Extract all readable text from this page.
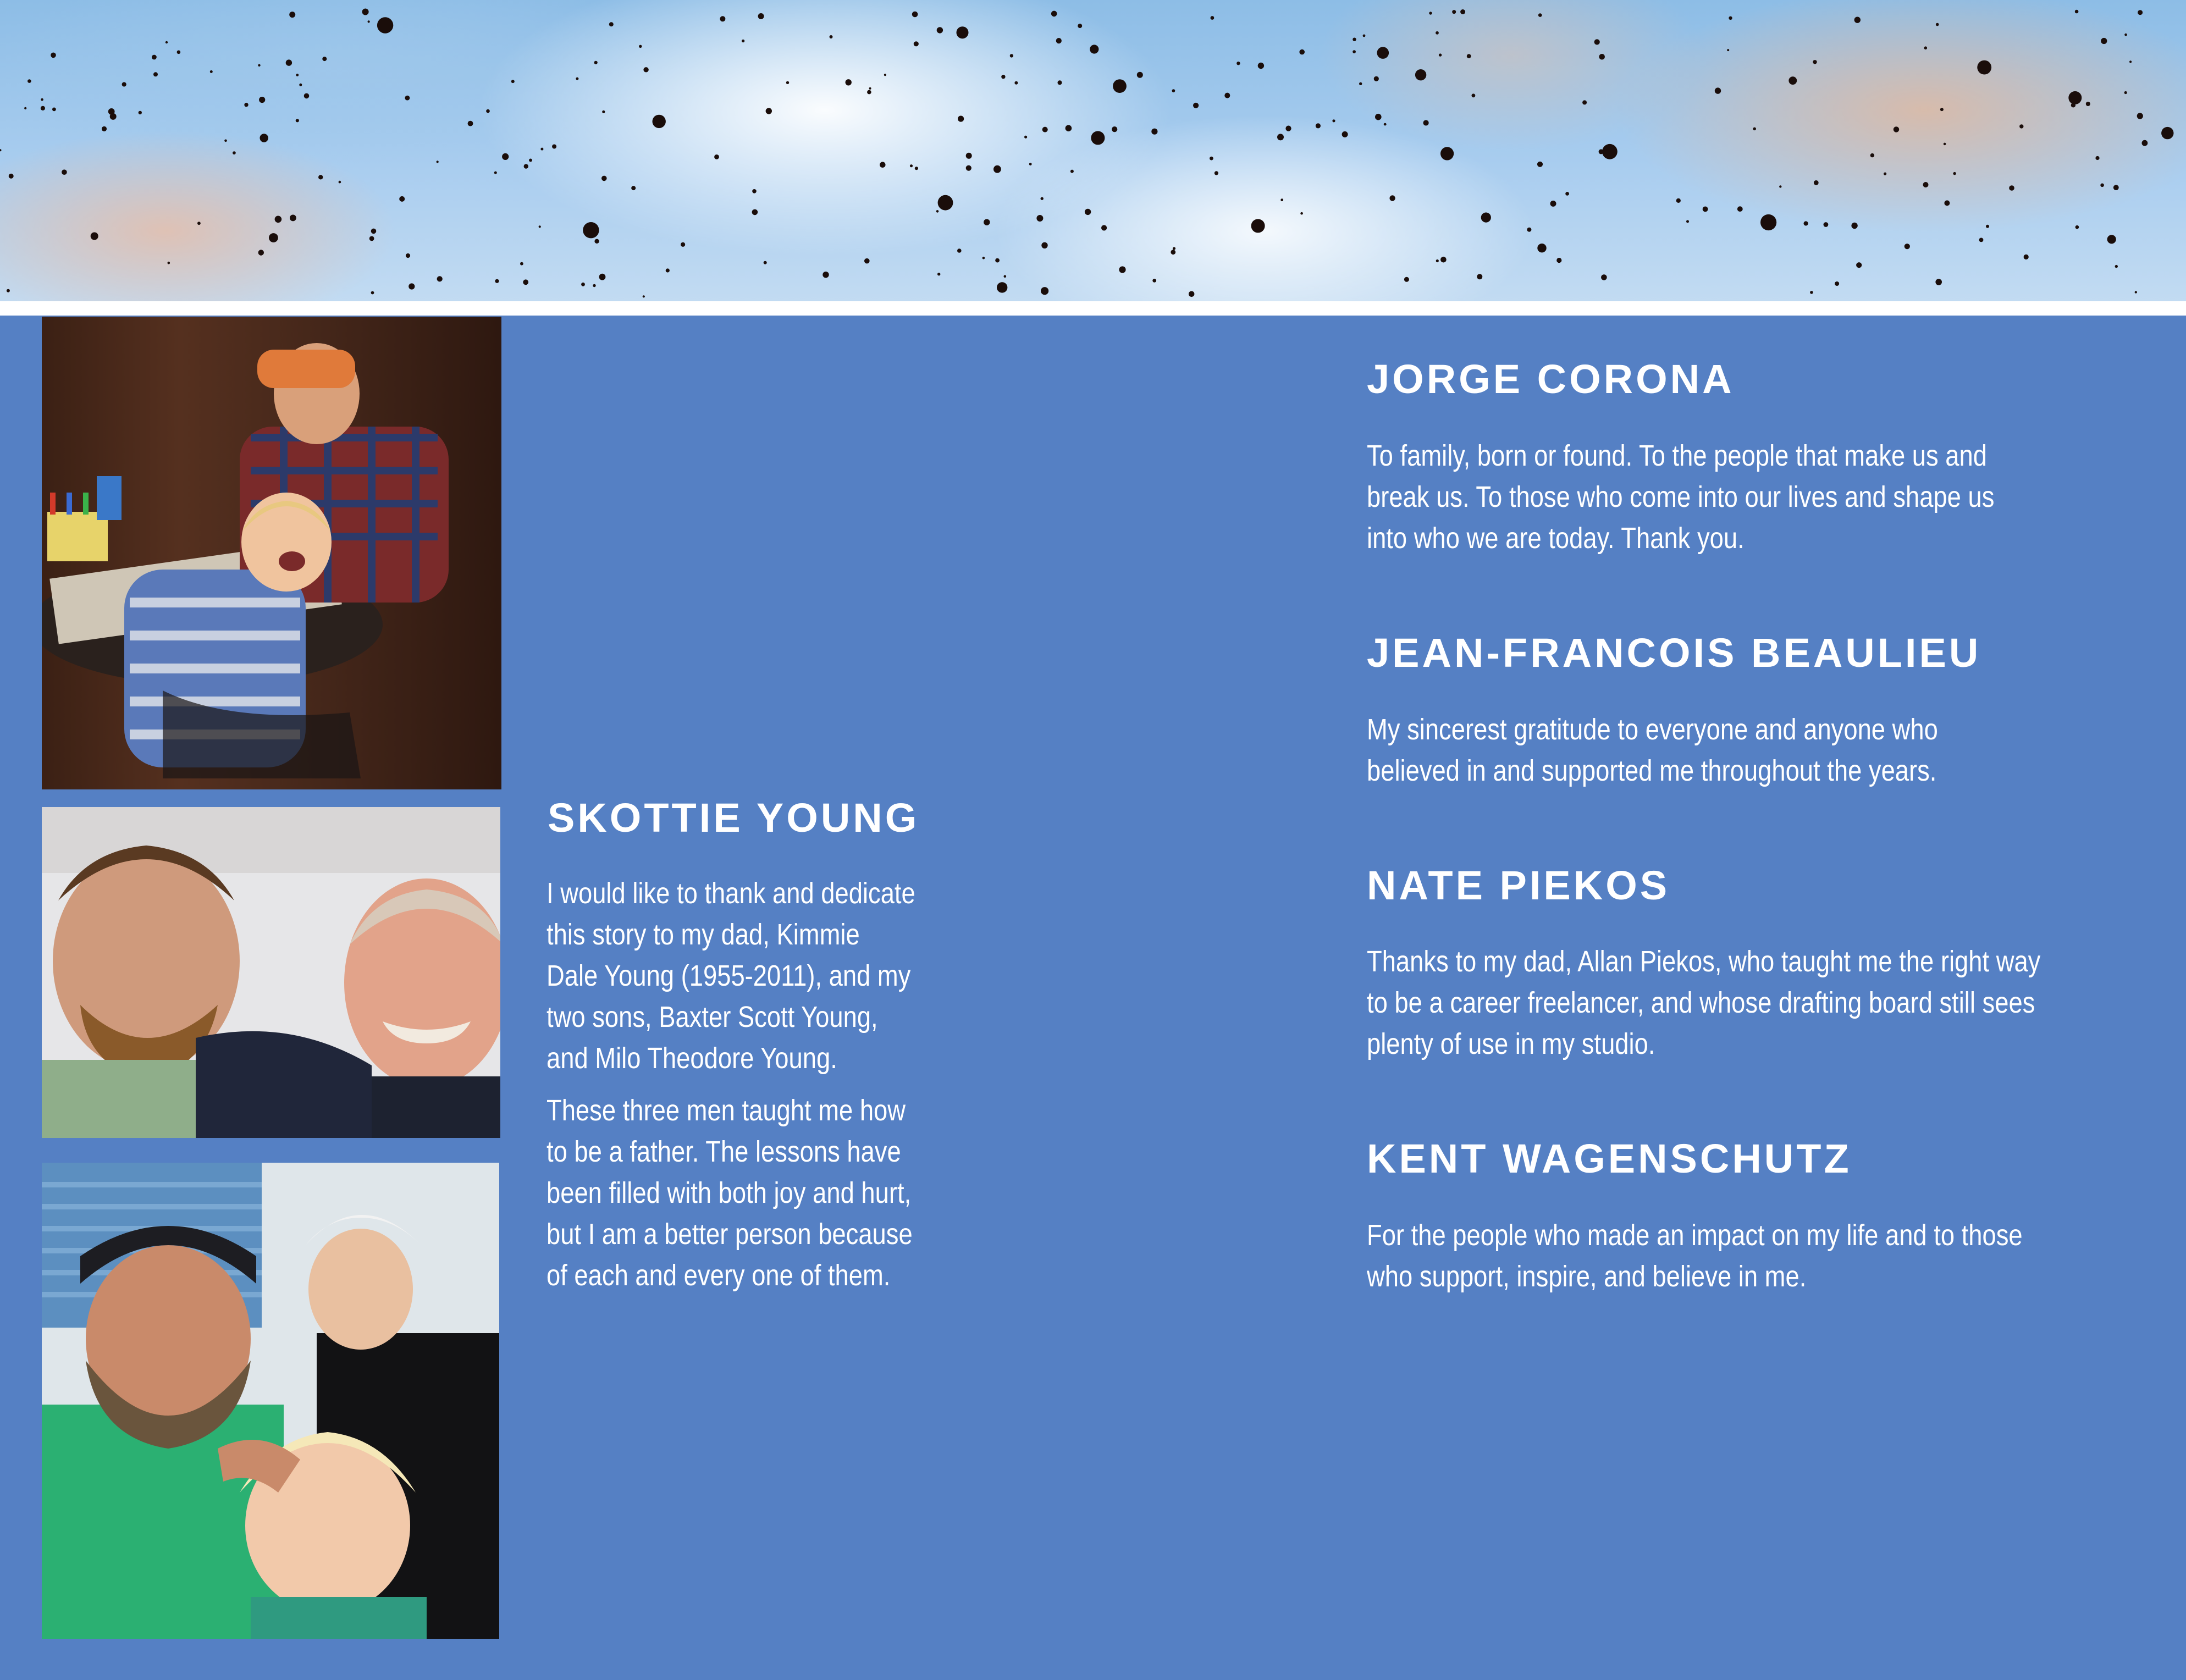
SKOTTIE YOUNG

I would like to thank and dedicate this story to my dad, Kimmie Dale Young (1955-2011), and my two sons, Baxter Scott Young, and Milo Theodore Young.

These three men taught me how to be a father. The lessons have been filled with both joy and hurt, but I am a better person because of each and every one of them.

JORGE CORONA
To family, born or found. To the people that make us and break us. To those who come into our lives and shape us into who we are today. Thank you.
JEAN-FRANCOIS BEAULIEU
My sincerest gratitude to everyone and anyone who believed in and supported me throughout the years.
NATE PIEKOS
Thanks to my dad, Allan Piekos, who taught me the right way to be a career freelancer, and whose drafting board still sees plenty of use in my studio.
KENT WAGENSCHUTZ
For the people who made an impact on my life and to those who support, inspire, and believe in me.
